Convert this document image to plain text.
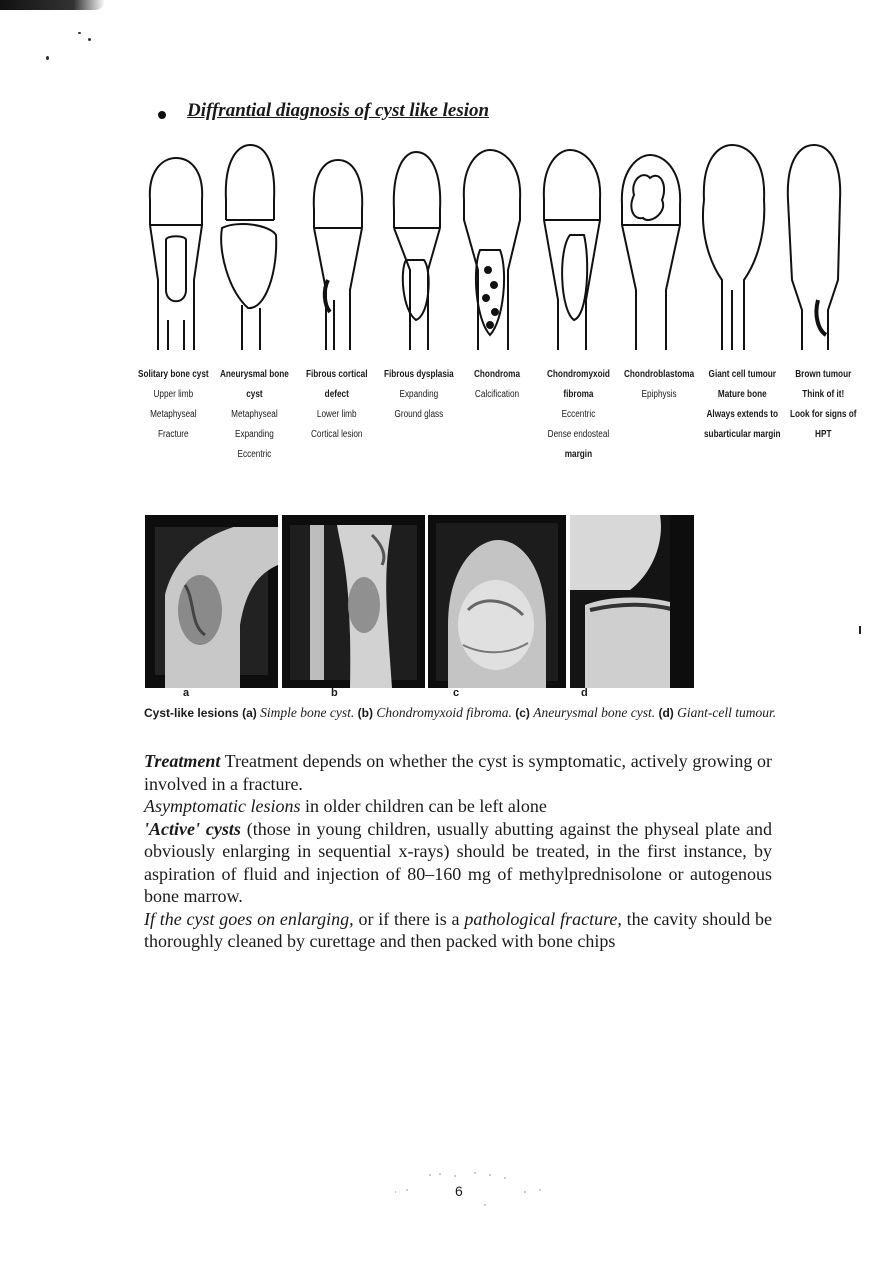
Diffrantial diagnosis of cyst like lesion
Solitary bone cyst
Upper limb
Metaphyseal
Fracture
Aneurysmal bone
cyst
Metaphyseal
Expanding
Eccentric
Fibrous cortical
defect
Lower limb
Cortical lesion
Fibrous dysplasia
Expanding
Ground glass
Chondroma
Calcification
Chondromyxoid
fibroma
Eccentric
Dense endosteal
margin
Chondroblastoma
Epiphysis
Giant cell tumour
Mature bone
Always extends to
subarticular margin
Brown tumour
Think of it!
Look for signs of
HPT
a	b	c	d
Cyst-like lesions (a) Simple bone cyst. (b) Chondromyxoid fibroma. (c) Aneurysmal bone cyst. (d) Giant-cell tumour.

Treatment Treatment depends on whether the cyst is symptomatic, actively growing or involved in a fracture.

Asymptomatic lesions in older children can be left alone

'Active' cysts (those in young children, usually abutting against the physeal plate and obviously enlarging in sequential x-rays) should be treated, in the first instance, by aspiration of fluid and injection of 80–160 mg of methylprednisolone or autogenous bone marrow.

If the cyst goes on enlarging, or if there is a pathological fracture, the cavity should be thoroughly cleaned by curettage and then packed with bone chips

6
